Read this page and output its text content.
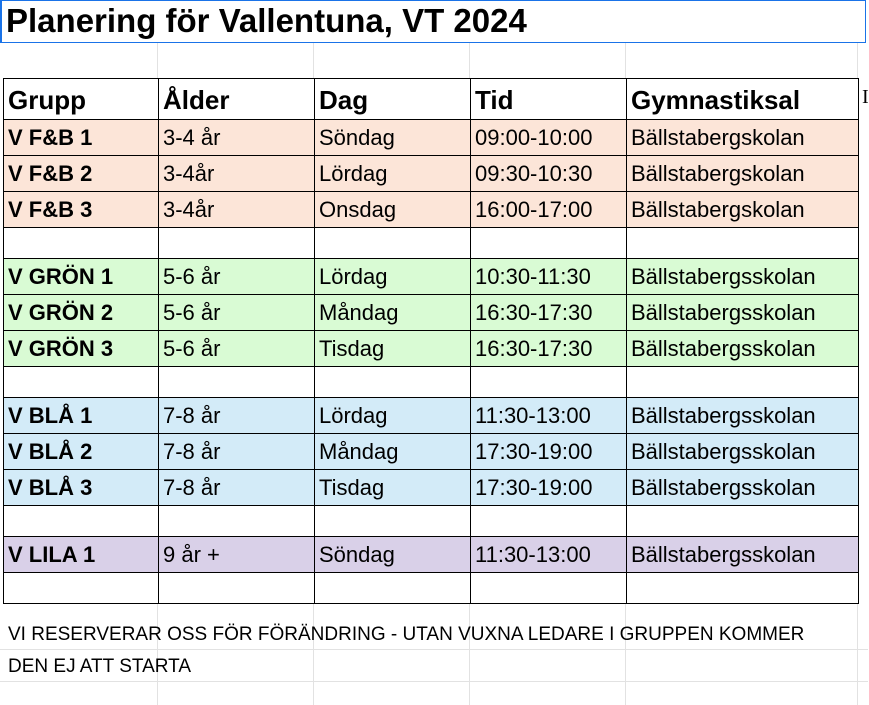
Planering för Vallentuna, VT 2024
Grupp	Ålder	Dag	Tid	Gymnastiksal
V F&B 1	3-4 år	Söndag	09:00-10:00	Bällstabergskolan
V F&B 2	3-4år	Lördag	09:30-10:30	Bällstabergskolan
V F&B 3	3-4år	Onsdag	16:00-17:00	Bällstabergskolan

V GRÖN 1	5-6 år	Lördag	10:30-11:30	Bällstabergsskolan
V GRÖN 2	5-6 år	Måndag	16:30-17:30	Bällstabergsskolan
V GRÖN 3	5-6 år	Tisdag	16:30-17:30	Bällstabergsskolan

V BLÅ 1	7-8 år	Lördag	11:30-13:00	Bällstabergsskolan
V BLÅ 2	7-8 år	Måndag	17:30-19:00	Bällstabergsskolan
V BLÅ 3	7-8 år	Tisdag	17:30-19:00	Bällstabergsskolan

V LILA 1	9 år +	Söndag	11:30-13:00	Bällstabergsskolan

I
VI RESERVERAR OSS FÖR FÖRÄNDRING - UTAN VUXNA LEDARE I GRUPPEN KOMMER
DEN EJ ATT STARTA
